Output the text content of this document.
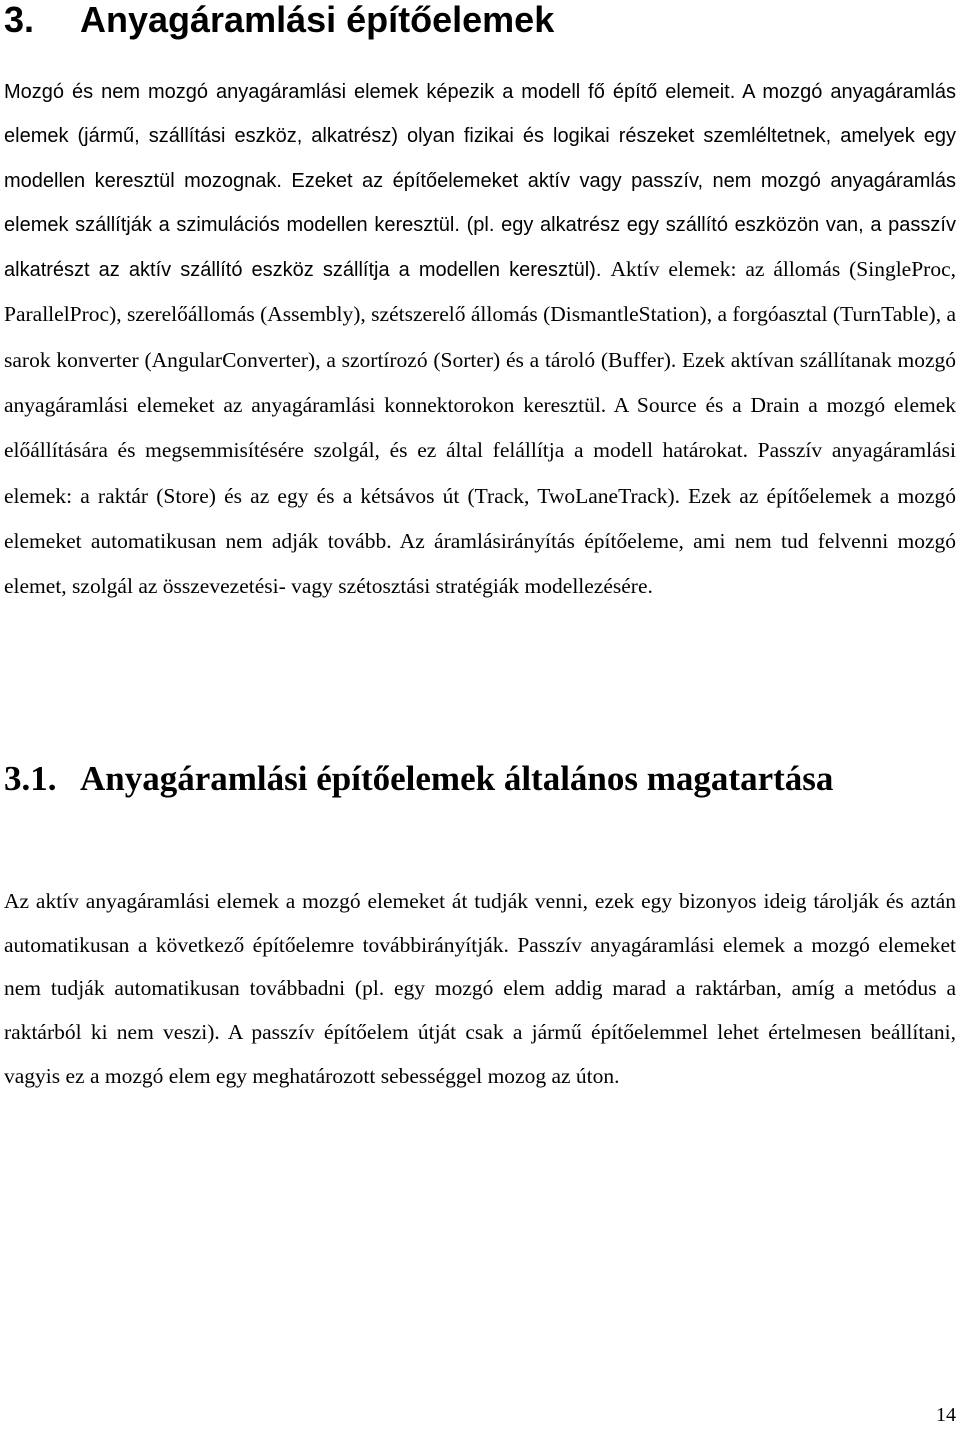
3. Anyagáramlási építőelemek

Mozgó és nem mozgó anyagáramlási elemek képezik a modell fő építő elemeit. A mozgó anyagáramlás elemek (jármű, szállítási eszköz, alkatrész) olyan fizikai és logikai részeket szemléltetnek, amelyek egy modellen keresztül mozognak. Ezeket az építőelemeket aktív vagy passzív, nem mozgó anyagáramlás elemek szállítják a szimulációs modellen keresztül. (pl. egy alkatrész egy szállító eszközön van, a passzív alkatrészt az aktív szállító eszköz szállítja a modellen keresztül). Aktív elemek: az állomás (SingleProc, ParallelProc), szerelőállomás (Assembly), szétszerelő állomás (DismantleStation), a forgóasztal (TurnTable), a sarok konverter (AngularConverter), a szortírozó (Sorter) és a tároló (Buffer). Ezek aktívan szállítanak mozgó anyagáramlási elemeket az anyagáramlási konnektorokon keresztül. A Source és a Drain a mozgó elemek előállítására és megsemmisítésére szolgál, és ez által felállítja a modell határokat. Passzív anyagáramlási elemek: a raktár (Store) és az egy és a kétsávos út (Track, TwoLaneTrack). Ezek az építőelemek a mozgó elemeket automatikusan nem adják tovább. Az áramlásirányítás építőeleme, ami nem tud felvenni mozgó elemet, szolgál az összevezetési- vagy szétosztási stratégiák modellezésére.

3.1. Anyagáramlási építőelemek általános magatartása

Az aktív anyagáramlási elemek a mozgó elemeket át tudják venni, ezek egy bizonyos ideig tárolják és aztán automatikusan a következő építőelemre továbbirányítják. Passzív anyagáramlási elemek a mozgó elemeket nem tudják automatikusan továbbadni (pl. egy mozgó elem addig marad a raktárban, amíg a metódus a raktárból ki nem veszi). A passzív építőelem útját csak a jármű építőelemmel lehet értelmesen beállítani, vagyis ez a mozgó elem egy meghatározott sebességgel mozog az úton.

14
